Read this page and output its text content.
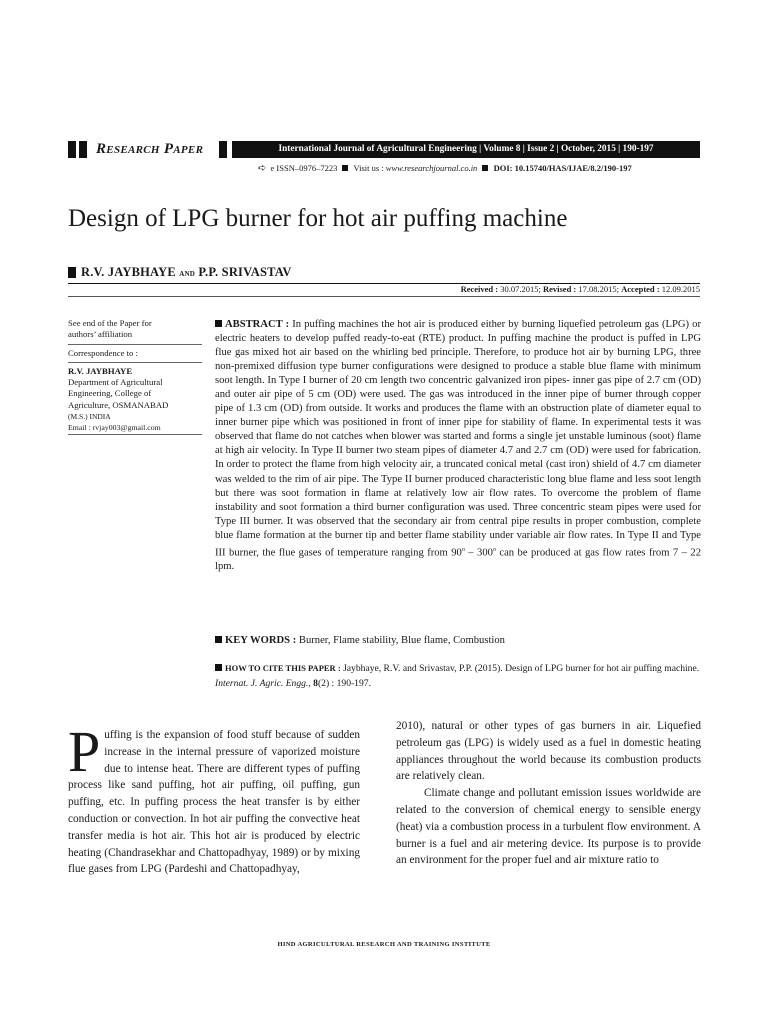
Research Paper	International Journal of Agricultural Engineering | Volume 8 | Issue 2 | October, 2015 | 190-197
➪ e ISSN–0976–7223 Visit us : www.researchjournal.co.in DOI: 10.15740/HAS/IJAE/8.2/190-197
Design of LPG burner for hot air puffing machine
R.V. JAYBHAYE and P.P. SRIVASTAV
Received : 30.07.2015; Revised : 17.08.2015; Accepted : 12.09.2015
See end of the Paper for
authors’ affiliation
Correspondence to :
R.V. JAYBHAYE
Department of Agricultural
Engineering, College of
Agriculture, OSMANABAD
(M.S.) INDIA
Email : rvjay003@gmail.com
ABSTRACT : In puffing machines the hot air is produced either by burning liquefied petroleum gas (LPG) or electric heaters to develop puffed ready-to-eat (RTE) product. In puffing machine the product is puffed in LPG flue gas mixed hot air based on the whirling bed principle. Therefore, to produce hot air by burning LPG, three non-premixed diffusion type burner configurations were designed to produce a stable blue flame with minimum soot length. In Type I burner of 20 cm length two concentric galvanized iron pipes- inner gas pipe of 2.7 cm (OD) and outer air pipe of 5 cm (OD) were used. The gas was introduced in the inner pipe of burner through copper pipe of 1.3 cm (OD) from outside. It works and produces the flame with an obstruction plate of diameter equal to inner burner pipe which was positioned in front of inner pipe for stability of flame. In experimental tests it was observed that flame do not catches when blower was started and forms a single jet unstable luminous (soot) flame at high air velocity. In Type II burner two steam pipes of diameter 4.7 and 2.7 cm (OD) were used for fabrication. In order to protect the flame from high velocity air, a truncated conical metal (cast iron) shield of 4.7 cm diameter was welded to the rim of air pipe. The Type II burner produced characteristic long blue flame and less soot length but there was soot formation in flame at relatively low air flow rates. To overcome the problem of flame instability and soot formation a third burner configuration was used. Three concentric steam pipes were used for Type III burner. It was observed that the secondary air from central pipe results in proper combustion, complete blue flame formation at the burner tip and better flame stability under variable air flow rates. In Type II and Type III burner, the flue gases of temperature ranging from 90$^o$ – 300$^o$ can be produced at gas flow rates from 7 – 22 lpm.
KEY WORDS : Burner, Flame stability, Blue flame, Combustion
HOW TO CITE THIS PAPER : Jaybhaye, R.V. and Srivastav, P.P. (2015). Design of LPG burner for hot air puffing machine. Internat. J. Agric. Engg., 8(2) : 190-197.

Puffing is the expansion of food stuff because of sudden increase in the internal pressure of vaporized moisture due to intense heat. There are different types of puffing process like sand puffing, hot air puffing, oil puffing, gun puffing, etc. In puffing process the heat transfer is by either conduction or convection. In hot air puffing the convective heat transfer media is hot air. This hot air is produced by electric heating (Chandrasekhar and Chattopadhyay, 1989) or by mixing flue gases from LPG (Pardeshi and Chattopadhyay,

2010), natural or other types of gas burners in air. Liquefied petroleum gas (LPG) is widely used as a fuel in domestic heating appliances throughout the world because its combustion products are relatively clean.

Climate change and pollutant emission issues worldwide are related to the conversion of chemical energy to sensible energy (heat) via a combustion process in a turbulent flow environment. A burner is a fuel and air metering device. Its purpose is to provide an environment for the proper fuel and air mixture ratio to

HIND AGRICULTURAL RESEARCH AND TRAINING INSTITUTE
